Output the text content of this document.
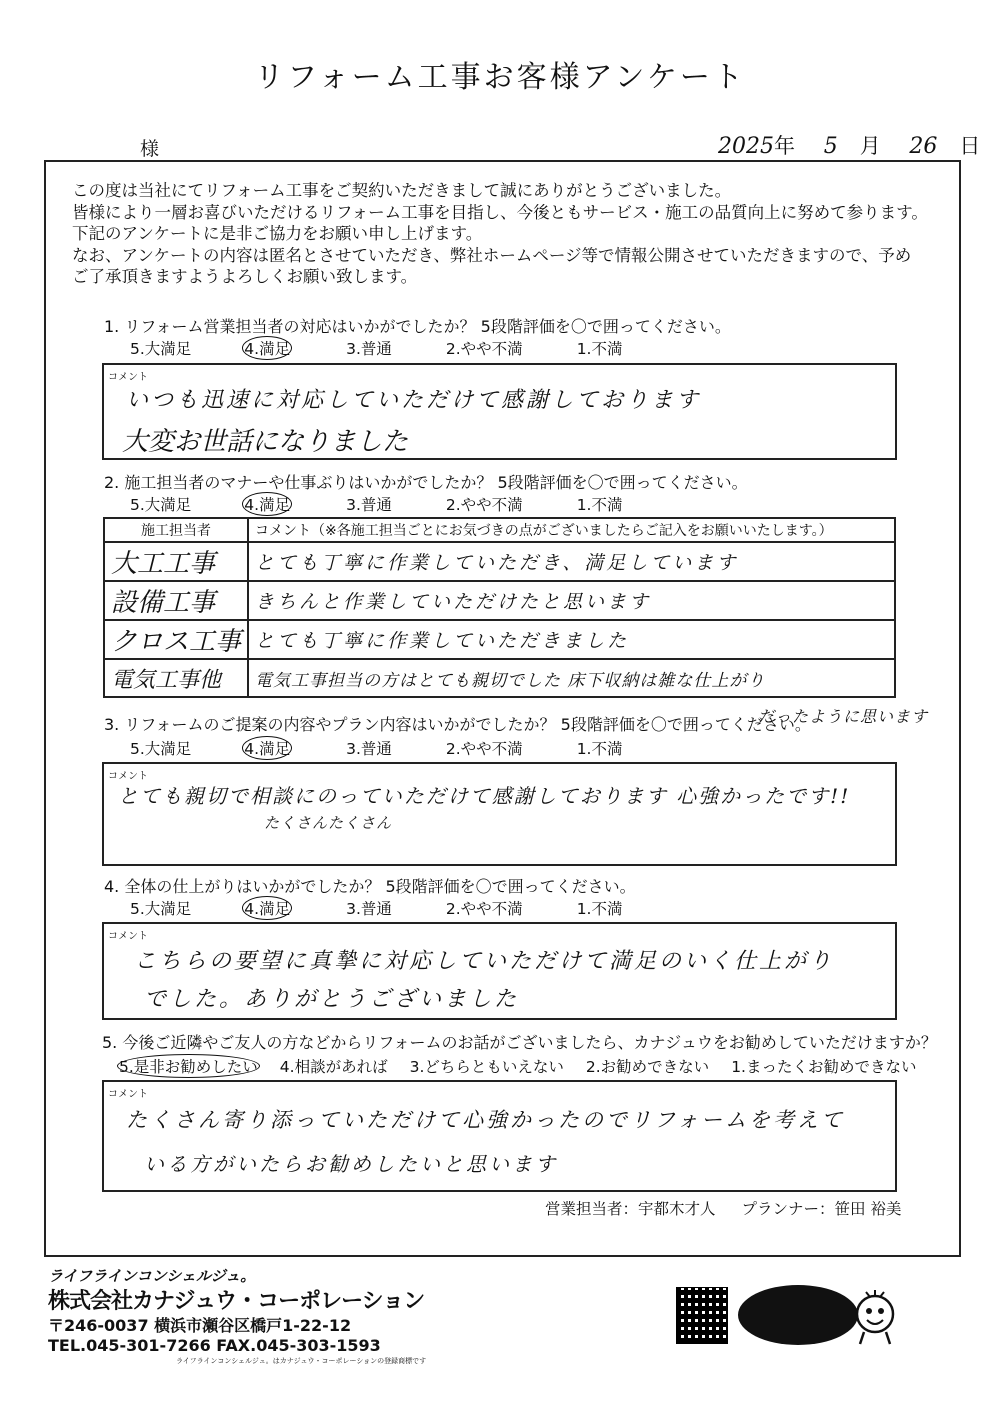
リフォーム工事お客様アンケート
様	2025年 5 月 26 日
この度は当社にてリフォーム工事をご契約いただきまして誠にありがとうございました。
皆様により一層お喜びいただけるリフォーム工事を目指し、今後ともサービス・施工の品質向上に努めて参ります。
下記のアンケートに是非ご協力をお願い申し上げます。
なお、アンケートの内容は匿名とさせていただき、弊社ホームページ等で情報公開させていただきますので、予め
ご了承頂きますようよろしくお願い致します。
1. リフォーム営業担当者の対応はいかがでしたか？ 5段階評価を〇で囲ってください。
5.大満足	4.満足	3.普通	2.やや不満	1.不満
コメント
いつも迅速に対応していただけて感謝しております
大変お世話になりました
2. 施工担当者のマナーや仕事ぶりはいかがでしたか？ 5段階評価を〇で囲ってください。
5.大満足	4.満足	3.普通	2.やや不満	1.不満
施工担当者	コメント（※各施工担当ごとにお気づきの点がございましたらご記入をお願いいたします。）
大工工事	とても丁寧に作業していただき、満足しています
設備工事	きちんと作業していただけたと思います
クロス工事	とても丁寧に作業していただきました
電気工事他	電気工事担当の方はとても親切でした 床下収納は雑な仕上がり
3. リフォームのご提案の内容やプラン内容はいかがでしたか？ 5段階評価を〇で囲ってください。
だったように思います
5.大満足	4.満足	3.普通	2.やや不満	1.不満
コメント
とても親切で相談にのっていただけて感謝しております 心強かったです!!
たくさんたくさん
4. 全体の仕上がりはいかがでしたか？ 5段階評価を〇で囲ってください。
5.大満足	4.満足	3.普通	2.やや不満	1.不満
コメント
こちらの要望に真摯に対応していただけて満足のいく仕上がり
でした。ありがとうございました
5. 今後ご近隣やご友人の方などからリフォームのお話がございましたら、カナジュウをお勧めしていただけますか？
5.是非お勧めしたい 4.相談があれば 3.どちらともいえない 2.お勧めできない 1.まったくお勧めできない
コメント
たくさん寄り添っていただけて心強かったのでリフォームを考えて
いる方がいたらお勧めしたいと思います
営業担当者：宇都木才人 プランナー：笹田 裕美
ライフラインコンシェルジュ。
株式会社カナジュウ・コーポレーション
〒246-0037 横浜市瀬谷区橋戸1-22-12
TEL.045-301-7266 FAX.045-303-1593
ライフラインコンシェルジュ。はカナジュウ・コーポレーションの登録商標です
